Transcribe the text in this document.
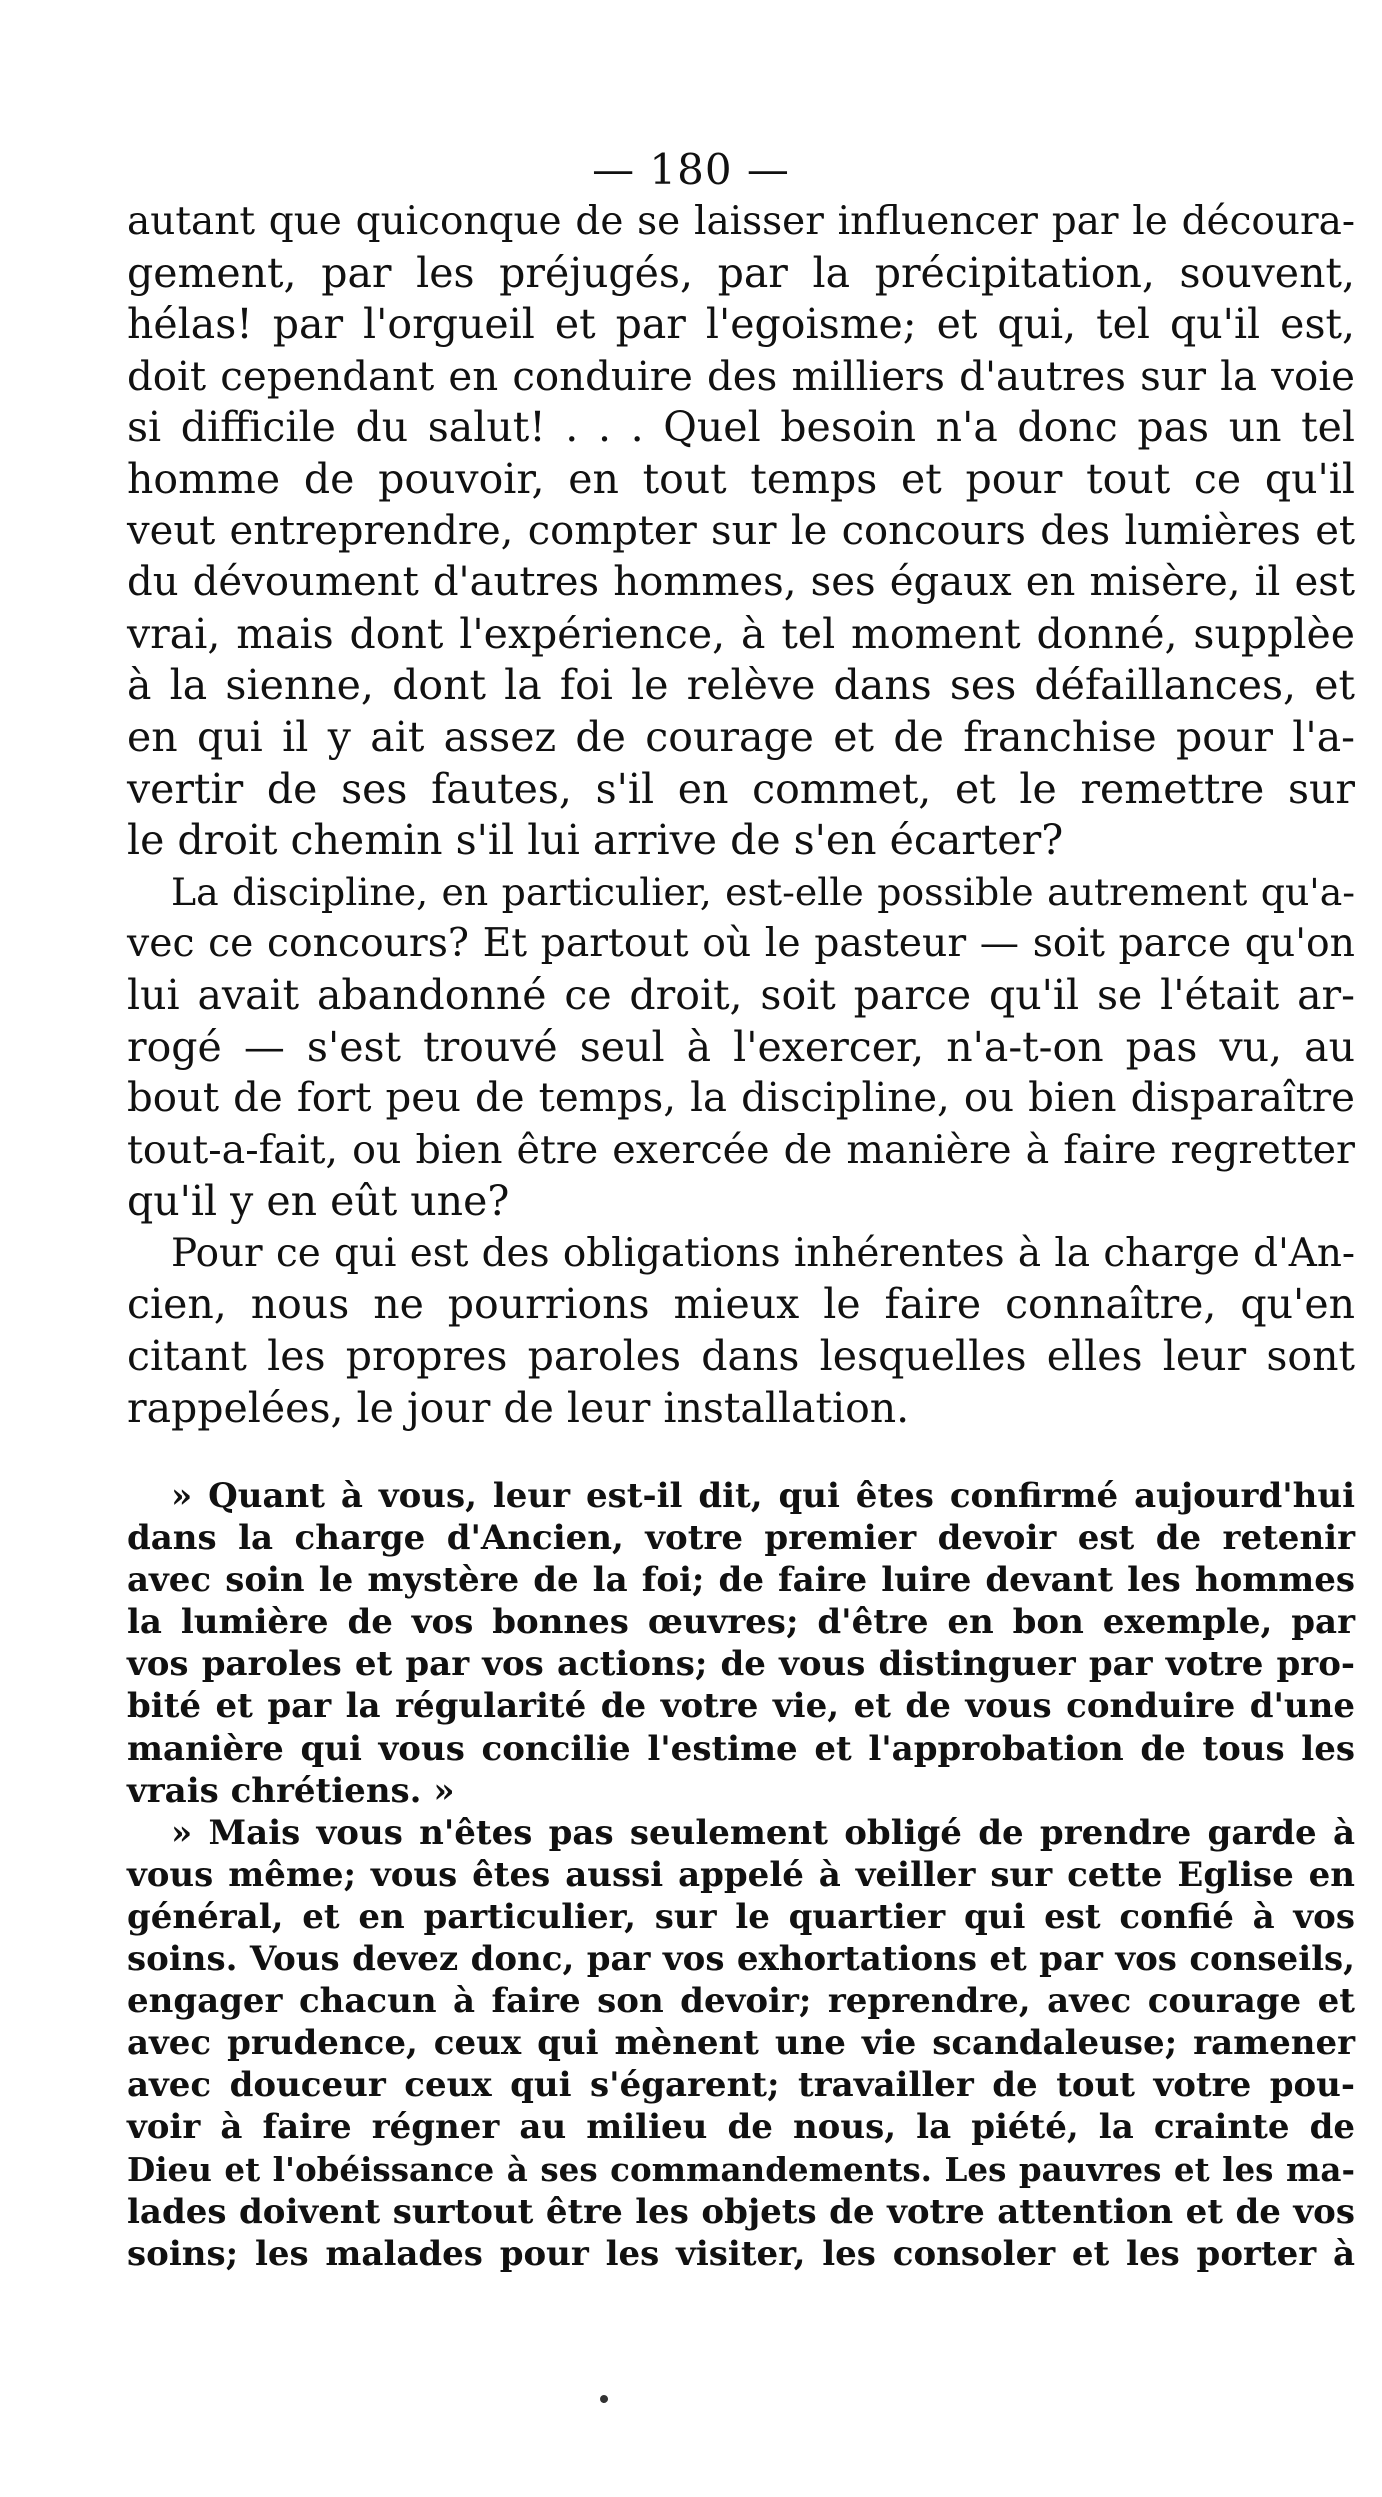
— 180 —
autant que quiconque de se laisser influencer par le découra-
gement, par les préjugés, par la précipitation, souvent,
hélas! par l'orgueil et par l'egoisme; et qui, tel qu'il est,
doit cependant en conduire des milliers d'autres sur la voie
si difficile du salut! . . . Quel besoin n'a donc pas un tel
homme de pouvoir, en tout temps et pour tout ce qu'il
veut entreprendre, compter sur le concours des lumières et
du dévoument d'autres hommes, ses égaux en misère, il est
vrai, mais dont l'expérience, à tel moment donné, supplèe
à la sienne, dont la foi le relève dans ses défaillances, et
en qui il y ait assez de courage et de franchise pour l'a-
vertir de ses fautes, s'il en commet, et le remettre sur
le droit chemin s'il lui arrive de s'en écarter?
La discipline, en particulier, est-elle possible autrement qu'a-
vec ce concours? Et partout où le pasteur — soit parce qu'on
lui avait abandonné ce droit, soit parce qu'il se l'était ar-
rogé — s'est trouvé seul à l'exercer, n'a-t-on pas vu, au
bout de fort peu de temps, la discipline, ou bien disparaître
tout-a-fait, ou bien être exercée de manière à faire regretter
qu'il y en eût une?
Pour ce qui est des obligations inhérentes à la charge d'An-
cien, nous ne pourrions mieux le faire connaître, qu'en
citant les propres paroles dans lesquelles elles leur sont
rappelées, le jour de leur installation.
» Quant à vous, leur est-il dit, qui êtes confirmé aujourd'hui
dans la charge d'Ancien, votre premier devoir est de retenir
avec soin le mystère de la foi; de faire luire devant les hommes
la lumière de vos bonnes œuvres; d'être en bon exemple, par
vos paroles et par vos actions; de vous distinguer par votre pro-
bité et par la régularité de votre vie, et de vous conduire d'une
manière qui vous concilie l'estime et l'approbation de tous les
vrais chrétiens. »
» Mais vous n'êtes pas seulement obligé de prendre garde à
vous même; vous êtes aussi appelé à veiller sur cette Eglise en
général, et en particulier, sur le quartier qui est confié à vos
soins. Vous devez donc, par vos exhortations et par vos conseils,
engager chacun à faire son devoir; reprendre, avec courage et
avec prudence, ceux qui mènent une vie scandaleuse; ramener
avec douceur ceux qui s'égarent; travailler de tout votre pou-
voir à faire régner au milieu de nous, la piété, la crainte de
Dieu et l'obéissance à ses commandements. Les pauvres et les ma-
lades doivent surtout être les objets de votre attention et de vos
soins; les malades pour les visiter, les consoler et les porter à
